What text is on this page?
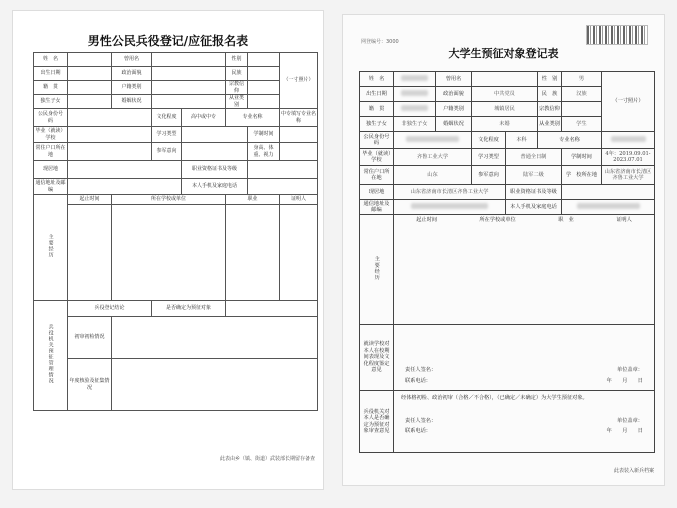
男性公民兵役登记/应征报名表
姓　名		曾用名			性别		（一寸照片）
出生日期		政治面貌			民族		
籍　贯		户籍类别			宗教信仰		
独生子女		婚姻状况			从业类别		
公民身份号　码			文化程度	高中或中专	专业名称		中专填写专业名称
毕业（就读）学校			学习类型			学制时间	
常住户口所在地			参军意向			身高、体重、视力	
现居地				职业资格证书及等级			
通信地址及邮编				本人手机及家庭电话			
主要经历	起止时间	所在学校或单位			职业		证明人

兵役机关预征管理情况	兵役登记结论		是否确定为预征对象				
	初审初检情况						
	年度核验及征集情况						
此表由乡（镇、街道）武装部长期留存备查
网登编号：3000
大学生预征对象登记表
姓　名		曾用名			性　别	男	（一寸照片）
出生日期		政治面貌	中共党员		民　族	汉族	
籍　贯		户籍类别	城镇居民		宗教信仰		
独生子女	非独生子女	婚姻状况	未婚		从业类别	学生	
公民身份号　码			文化程度	本科	专业名称		
毕业（就读）学校	齐鲁工业大学		学习类型	普通全日制		学制时间	4年：2019.09.01-2023.07.01
常住户口所在地	山东		参军意向	陆军二级		学　校所在地	山东省济南市长清区齐鲁工业大学
现居地	山东省济南市长清区齐鲁工业大学			职业资格证书及等级			
通信地址及邮编				本人手机及家庭电话			
主要经历	起止时间 所在学校或单位 职　业 证明人						

就读学校对本人在校期间表现及文化程度鉴定意见	责任人签名： 单位盖章：
联系电话： 年　　月　　日						

兵役机关对本人是否确定为预征对象审查意见	经体格初检、政治初审（合格／不合格），（已确定／未确定）为大学生预征对象。
责任人签名： 单位盖章：
联系电话： 年　　月　　日						
此表装入新兵档案
